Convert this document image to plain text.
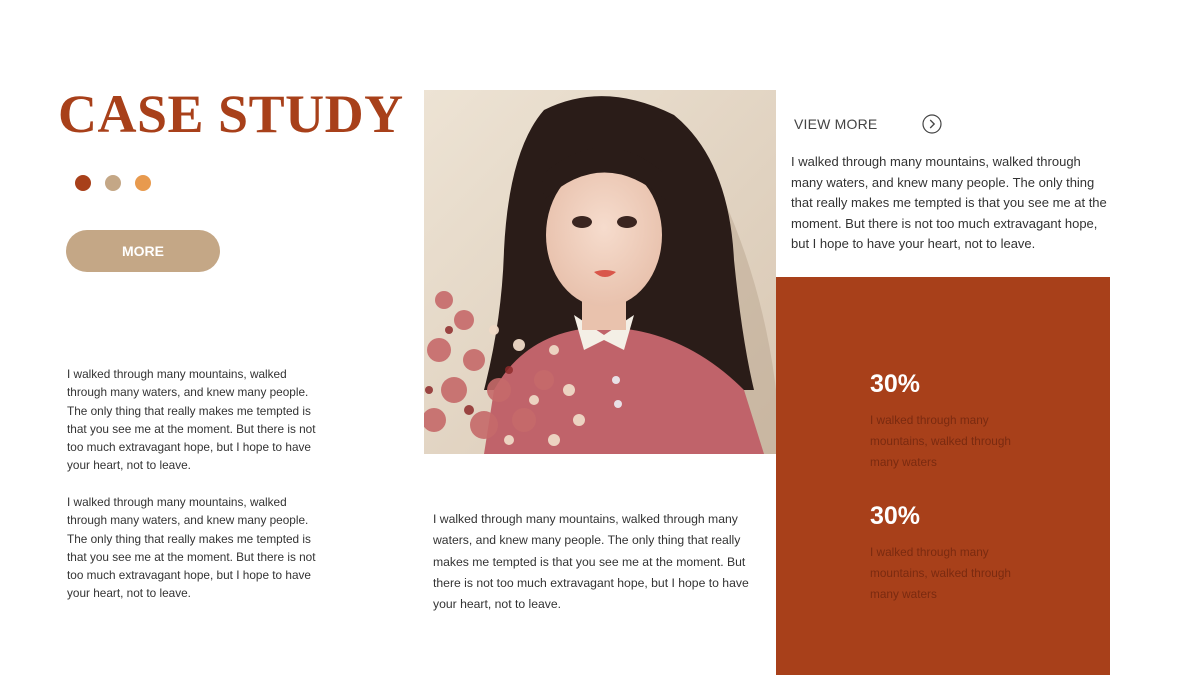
CASE STUDY
MORE

I walked through many mountains, walked through many waters, and knew many people. The only thing that really makes me tempted is that you see me at the moment. But there is not too much extravagant hope, but I hope to have your heart, not to leave.

I walked through many mountains, walked through many waters, and knew many people. The only thing that really makes me tempted is that you see me at the moment. But there is not too much extravagant hope, but I hope to have your heart, not to leave.

I walked through many mountains, walked through many waters, and knew many people. The only thing that really makes me tempted is that you see me at the moment. But there is not too much extravagant hope, but I hope to have your heart, not to leave.

VIEW MORE

I walked through many mountains, walked through many waters, and knew many people. The only thing that really makes me tempted is that you see me at the moment. But there is not too much extravagant hope, but I hope to have your heart, not to leave.

30%
I walked through many mountains, walked through many waters
30%
I walked through many mountains, walked through many waters
